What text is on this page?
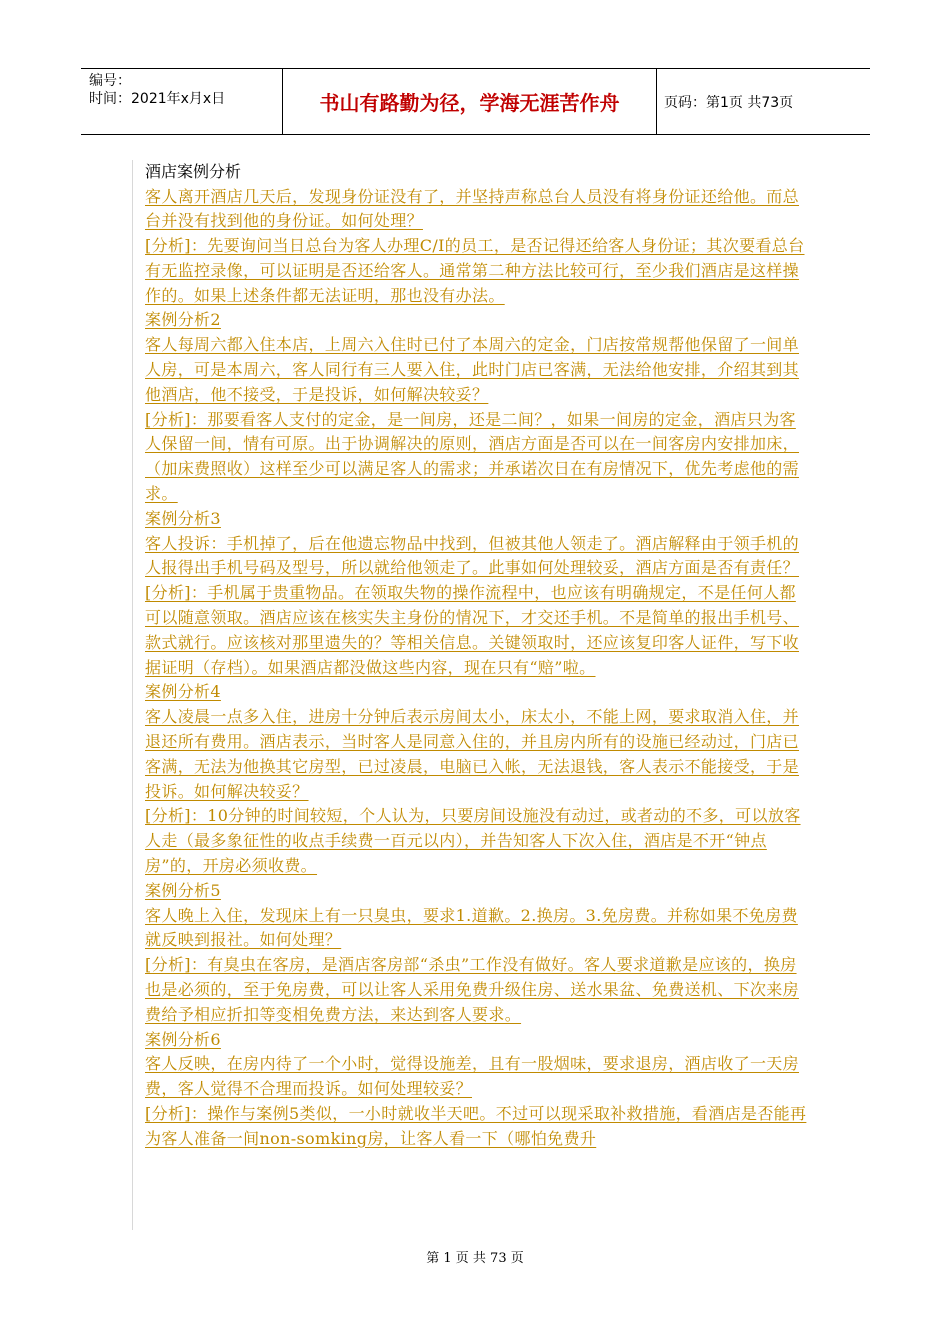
编号：
时间：2021年x月x日	书山有路勤为径，学海无涯苦作舟	页码：第1页 共73页

酒店案例分析

客人离开酒店几天后，发现身份证没有了，并坚持声称总台人员没有将身份证还给他。而总台并没有找到他的身份证。如何处理？

[分析]：先要询问当日总台为客人办理C/I的员工，是否记得还给客人身份证；其次要看总台有无监控录像，可以证明是否还给客人。通常第二种方法比较可行，至少我们酒店是这样操作的。如果上述条件都无法证明，那也没有办法。

案例分析2

客人每周六都入住本店，上周六入住时已付了本周六的定金，门店按常规帮他保留了一间单人房，可是本周六，客人同行有三人要入住，此时门店已客满，无法给他安排，介绍其到其他酒店，他不接受，于是投诉，如何解决较妥？

[分析]：那要看客人支付的定金，是一间房，还是二间？，如果一间房的定金，酒店只为客人保留一间，情有可原。出于协调解决的原则，酒店方面是否可以在一间客房内安排加床，（加床费照收）这样至少可以满足客人的需求；并承诺次日在有房情况下，优先考虑他的需求。

案例分析3

客人投诉：手机掉了，后在他遗忘物品中找到，但被其他人领走了。酒店解释由于领手机的人报得出手机号码及型号，所以就给他领走了。此事如何处理较妥，酒店方面是否有责任？

[分析]：手机属于贵重物品。在领取失物的操作流程中，也应该有明确规定，不是任何人都可以随意领取。酒店应该在核实失主身份的情况下，才交还手机。不是简单的报出手机号、款式就行。应该核对那里遗失的？等相关信息。关键领取时，还应该复印客人证件，写下收据证明（存档）。如果酒店都没做这些内容，现在只有“赔”啦。

案例分析4

客人凌晨一点多入住，进房十分钟后表示房间太小，床太小，不能上网，要求取消入住，并退还所有费用。酒店表示，当时客人是同意入住的，并且房内所有的设施已经动过，门店已客满，无法为他换其它房型，已过凌晨，电脑已入帐，无法退钱，客人表示不能接受，于是投诉。如何解决较妥？

[分析]：10分钟的时间较短，个人认为，只要房间设施没有动过，或者动的不多，可以放客人走（最多象征性的收点手续费一百元以内），并告知客人下次入住，酒店是不开“钟点房”的，开房必须收费。

案例分析5

客人晚上入住，发现床上有一只臭虫，要求1.道歉。2.换房。3.免房费。并称如果不免房费就反映到报社。如何处理？

[分析]：有臭虫在客房，是酒店客房部“杀虫”工作没有做好。客人要求道歉是应该的，换房也是必须的，至于免房费，可以让客人采用免费升级住房、送水果盆、免费送机、下次来房费给予相应折扣等变相免费方法，来达到客人要求。

案例分析6

客人反映，在房内待了一个小时，觉得设施差，且有一股烟味，要求退房，酒店收了一天房费，客人觉得不合理而投诉。如何处理较妥？

[分析]：操作与案例5类似，一小时就收半天吧。不过可以现采取补救措施，看酒店是否能再为客人准备一间non-somking房，让客人看一下（哪怕免费升

第 1 页 共 73 页
